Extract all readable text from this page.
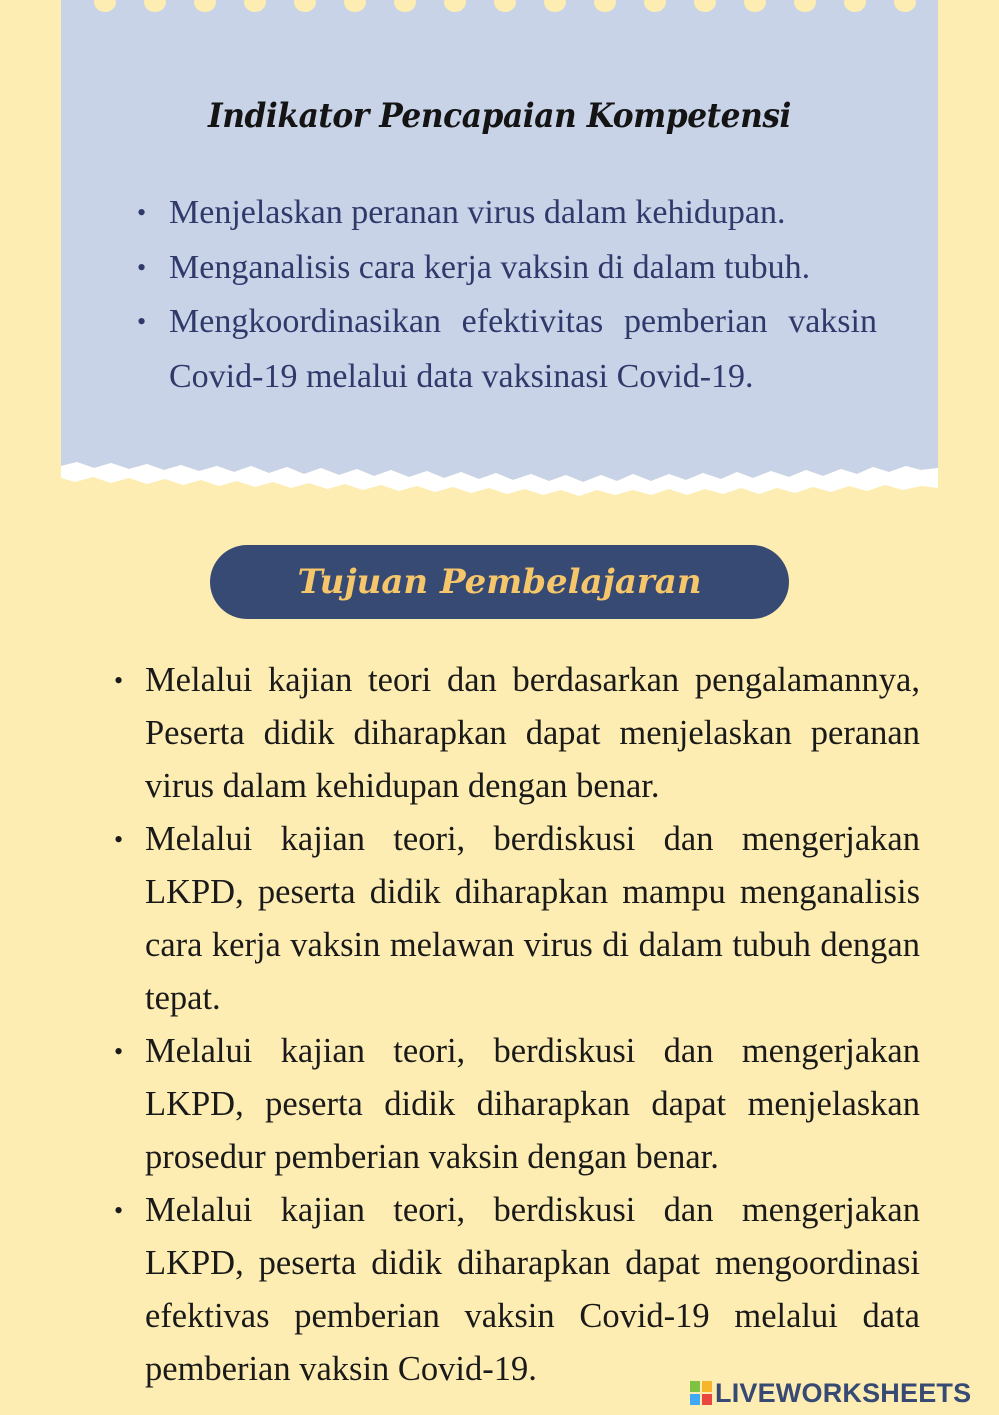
Indikator Pencapaian Kompetensi
• Menjelaskan peranan virus dalam kehidupan.
• Menganalisis cara kerja vaksin di dalam tubuh.
• Mengkoordinasikan efektivitas pemberian vaksin Covid-19 melalui data vaksinasi Covid-19.
Tujuan Pembelajaran
• Melalui kajian teori dan berdasarkan pengalamannya, Peserta didik diharapkan dapat menjelaskan peranan virus dalam kehidupan dengan benar.
• Melalui kajian teori, berdiskusi dan mengerjakan LKPD, peserta didik diharapkan mampu menganalisis cara kerja vaksin melawan virus di dalam tubuh dengan tepat.
• Melalui kajian teori, berdiskusi dan mengerjakan LKPD, peserta didik diharapkan dapat menjelaskan prosedur pemberian vaksin dengan benar.
• Melalui kajian teori, berdiskusi dan mengerjakan LKPD, peserta didik diharapkan dapat mengoordinasi efektivas pemberian vaksin Covid-19 melalui data pemberian vaksin Covid-19.
LIVEWORKSHEETS
